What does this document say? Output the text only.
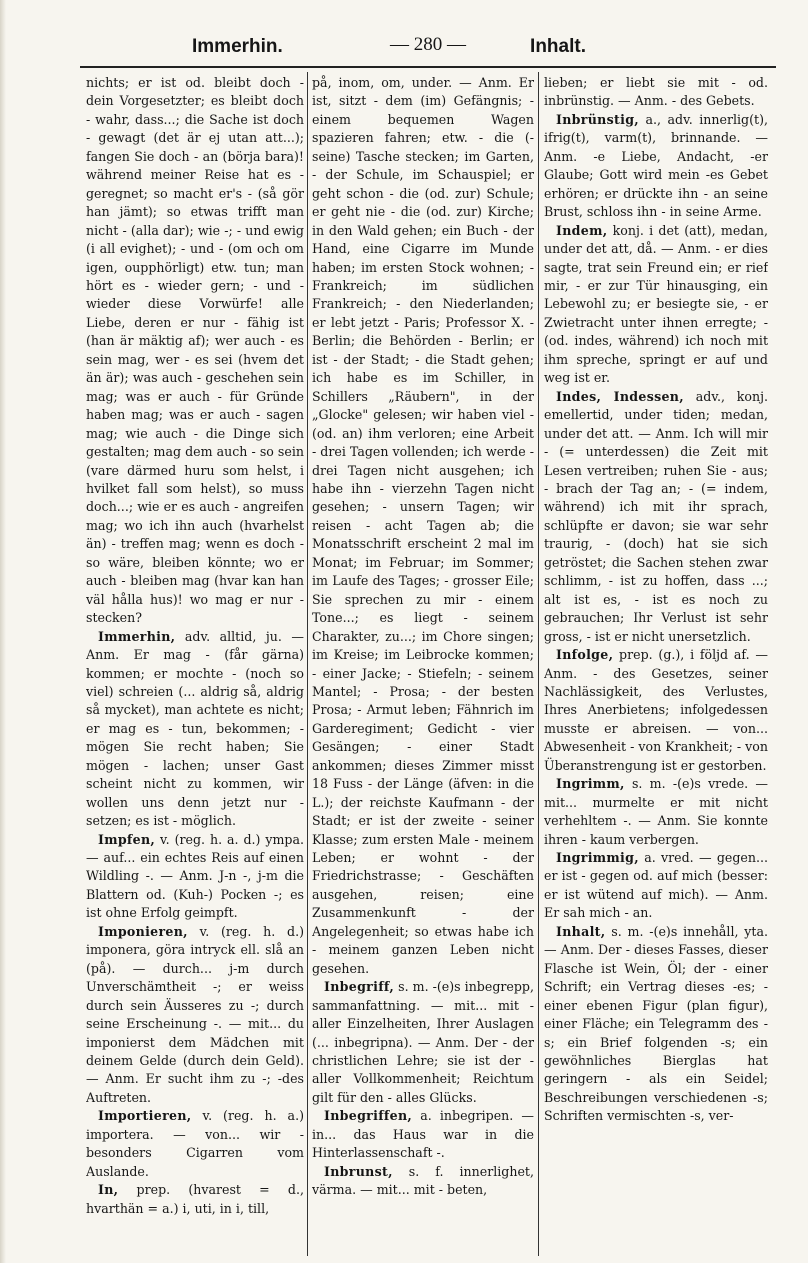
Immerhin.	— 280 —	Inhalt.

nichts; er ist od. bleibt doch - dein Vorgesetzter; es bleibt doch - wahr, dass...; die Sache ist doch - gewagt (det är ej utan att...); fangen Sie doch - an (börja bara)! während meiner Reise hat es - geregnet; so macht er's - (så gör han jämt); so etwas trifft man nicht - (alla dar); wie -; - und ewig (i all evighet); - und - (om och om igen, oupphörligt) etw. tun; man hört es - wieder gern; - und - wieder diese Vorwürfe! alle Liebe, deren er nur - fähig ist (han är mäktig af); wer auch - es sein mag, wer - es sei (hvem det än är); was auch - geschehen sein mag; was er auch - für Gründe haben mag; was er auch - sagen mag; wie auch - die Dinge sich gestalten; mag dem auch - so sein (vare därmed huru som helst, i hvilket fall som helst), so muss doch...; wie er es auch - angreifen mag; wo ich ihn auch (hvarhelst än) - treffen mag; wenn es doch - so wäre, bleiben könnte; wo er auch - bleiben mag (hvar kan han väl hålla hus)! wo mag er nur - stecken?

Immerhin, adv. alltid, ju. — Anm. Er mag - (får gärna) kommen; er mochte - (noch so viel) schreien (... aldrig så, aldrig så mycket), man achtete es nicht; er mag es - tun, bekommen; - mögen Sie recht haben; Sie mögen - lachen; unser Gast scheint nicht zu kommen, wir wollen uns denn jetzt nur - setzen; es ist - möglich.

Impfen, v. (reg. h. a. d.) ympa. — auf... ein echtes Reis auf einen Wildling -. — Anm. J-n -, j-m die Blattern od. (Kuh-) Pocken -; es ist ohne Erfolg geimpft.

Imponieren, v. (reg. h. d.) imponera, göra intryck ell. slå an (på). — durch... j-m durch Unverschämtheit -; er weiss durch sein Äusseres zu -; durch seine Erscheinung -. — mit... du imponierst dem Mädchen mit deinem Gelde (durch dein Geld). — Anm. Er sucht ihm zu -; -des Auftreten.

Importieren, v. (reg. h. a.) importera. — von... wir - besonders Cigarren vom Auslande.

In, prep. (hvarest = d., hvarthän = a.) i, uti, in i, till,

på, inom, om, under. — Anm. Er ist, sitzt - dem (im) Gefängnis; - einem bequemen Wagen spazieren fahren; etw. - die (- seine) Tasche stecken; im Garten, - der Schule, im Schauspiel; er geht schon - die (od. zur) Schule; er geht nie - die (od. zur) Kirche; in den Wald gehen; ein Buch - der Hand, eine Cigarre im Munde haben; im ersten Stock wohnen; - Frankreich; im südlichen Frankreich; - den Niederlanden; er lebt jetzt - Paris; Professor X. - Berlin; die Behörden - Berlin; er ist - der Stadt; - die Stadt gehen; ich habe es im Schiller, in Schillers „Räubern", in der „Glocke" gelesen; wir haben viel - (od. an) ihm verloren; eine Arbeit - drei Tagen vollenden; ich werde - drei Tagen nicht ausgehen; ich habe ihn - vierzehn Tagen nicht gesehen; - unsern Tagen; wir reisen - acht Tagen ab; die Monatsschrift erscheint 2 mal im Monat; im Februar; im Sommer; im Laufe des Tages; - grosser Eile; Sie sprechen zu mir - einem Tone...; es liegt - seinem Charakter, zu...; im Chore singen; im Kreise; im Leibrocke kommen; - einer Jacke; - Stiefeln; - seinem Mantel; - Prosa; - der besten Prosa; - Armut leben; Fähnrich im Garderegiment; Gedicht - vier Gesängen; - einer Stadt ankommen; dieses Zimmer misst 18 Fuss - der Länge (äfven: in die L.); der reichste Kaufmann - der Stadt; er ist der zweite - seiner Klasse; zum ersten Male - meinem Leben; er wohnt - der Friedrichstrasse; - Geschäften ausgehen, reisen; eine Zusammenkunft - der Angelegenheit; so etwas habe ich - meinem ganzen Leben nicht gesehen.

Inbegriff, s. m. -(e)s inbegrepp, sammanfattning. — mit... mit - aller Einzelheiten, Ihrer Auslagen (... inbegripna). — Anm. Der - der christlichen Lehre; sie ist der - aller Vollkommenheit; Reichtum gilt für den - alles Glücks.

Inbegriffen, a. inbegripen. — in... das Haus war in die Hinterlassenschaft -.

Inbrunst, s. f. innerlighet, värma. — mit... mit - beten,

lieben; er liebt sie mit - od. inbrünstig. — Anm. - des Gebets.

Inbrünstig, a., adv. innerlig(t), ifrig(t), varm(t), brinnande. — Anm. -e Liebe, Andacht, -er Glaube; Gott wird mein -es Gebet erhören; er drückte ihn - an seine Brust, schloss ihn - in seine Arme.

Indem, konj. i det (att), medan, under det att, då. — Anm. - er dies sagte, trat sein Freund ein; er rief mir, - er zur Tür hinausging, ein Lebewohl zu; er besiegte sie, - er Zwietracht unter ihnen erregte; - (od. indes, während) ich noch mit ihm spreche, springt er auf und weg ist er.

Indes, Indessen, adv., konj. emellertid, under tiden; medan, under det att. — Anm. Ich will mir - (= unterdessen) die Zeit mit Lesen vertreiben; ruhen Sie - aus; - brach der Tag an; - (= indem, während) ich mit ihr sprach, schlüpfte er davon; sie war sehr traurig, - (doch) hat sie sich getröstet; die Sachen stehen zwar schlimm, - ist zu hoffen, dass ...; alt ist es, - ist es noch zu gebrauchen; Ihr Verlust ist sehr gross, - ist er nicht unersetzlich.

Infolge, prep. (g.), i följd af. — Anm. - des Gesetzes, seiner Nachlässigkeit, des Verlustes, Ihres Anerbietens; infolgedessen musste er abreisen. — von... Abwesenheit - von Krankheit; - von Überanstrengung ist er gestorben.

Ingrimm, s. m. -(e)s vrede. — mit... murmelte er mit nicht verhehltem -. — Anm. Sie konnte ihren - kaum verbergen.

Ingrimmig, a. vred. — gegen... er ist - gegen od. auf mich (besser: er ist wütend auf mich). — Anm. Er sah mich - an.

Inhalt, s. m. -(e)s innehåll, yta. — Anm. Der - dieses Fasses, dieser Flasche ist Wein, Öl; der - einer Schrift; ein Vertrag dieses -es; - einer ebenen Figur (plan figur), einer Fläche; ein Telegramm des -s; ein Brief folgenden -s; ein gewöhnliches Bierglas hat geringern - als ein Seidel; Beschreibungen verschiedenen -s; Schriften vermischten -s, ver-
